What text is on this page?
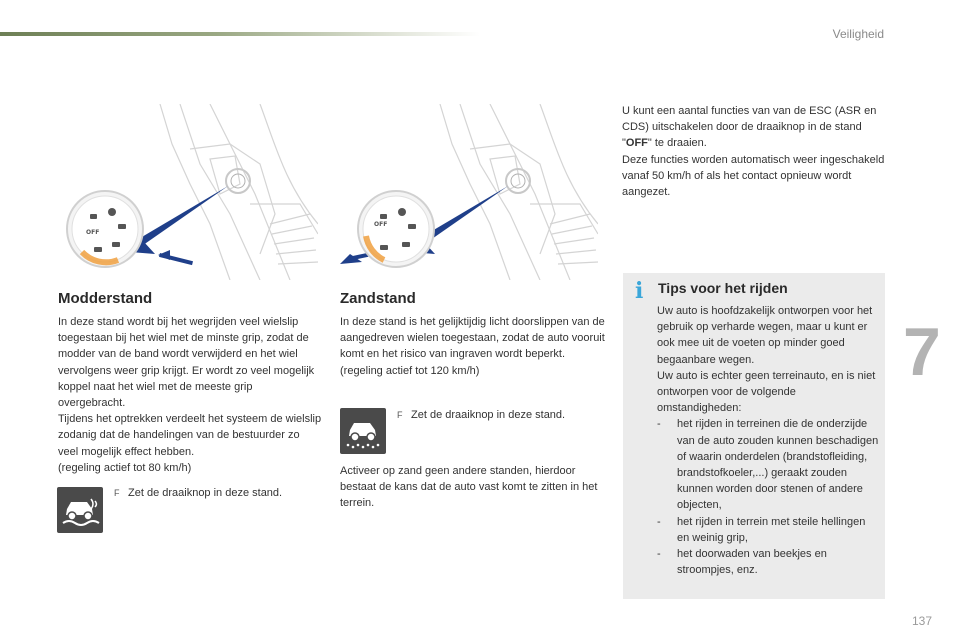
Veiligheid
OFF
OFF
Modderstand
In deze stand wordt bij het wegrijden veel wielslip toegestaan bij het wiel met de minste grip, zodat de modder van de band wordt verwijderd en het wiel vervolgens weer grip krijgt. Er wordt zo veel mogelijk koppel naat het wiel met de meeste grip overgebracht.
Tijdens het optrekken verdeelt het systeem de wielslip zodanig dat de handelingen van de bestuurder zo veel mogelijk effect hebben.
(regeling actief tot 80 km/h)
F Zet de draaiknop in deze stand.
Zandstand
In deze stand is het gelijktijdig licht doorslippen van de aangedreven wielen toegestaan, zodat de auto vooruit komt en het risico van ingraven wordt beperkt.
(regeling actief tot 120 km/h)
F Zet de draaiknop in deze stand.
Activeer op zand geen andere standen, hierdoor bestaat de kans dat de auto vast komt te zitten in het terrein.
U kunt een aantal functies van van de ESC (ASR en CDS) uitschakelen door de draaiknop in de stand "OFF" te draaien.
Deze functies worden automatisch weer ingeschakeld vanaf 50 km/h of als het contact opnieuw wordt aangezet.
i Tips voor het rijden

Uw auto is hoofdzakelijk ontworpen voor het gebruik op verharde wegen, maar u kunt er ook mee uit de voeten op minder goed begaanbare wegen.

Uw auto is echter geen terreinauto, en is niet ontworpen voor de volgende omstandigheden:

- het rijden in terreinen die de onderzijde van de auto zouden kunnen beschadigen of waarin onderdelen (brandstofleiding, brandstofkoeler,...) geraakt zouden kunnen worden door stenen of andere objecten,
- het rijden in terrein met steile hellingen en weinig grip,
- het doorwaden van beekjes en stroompjes, enz.
7
137
